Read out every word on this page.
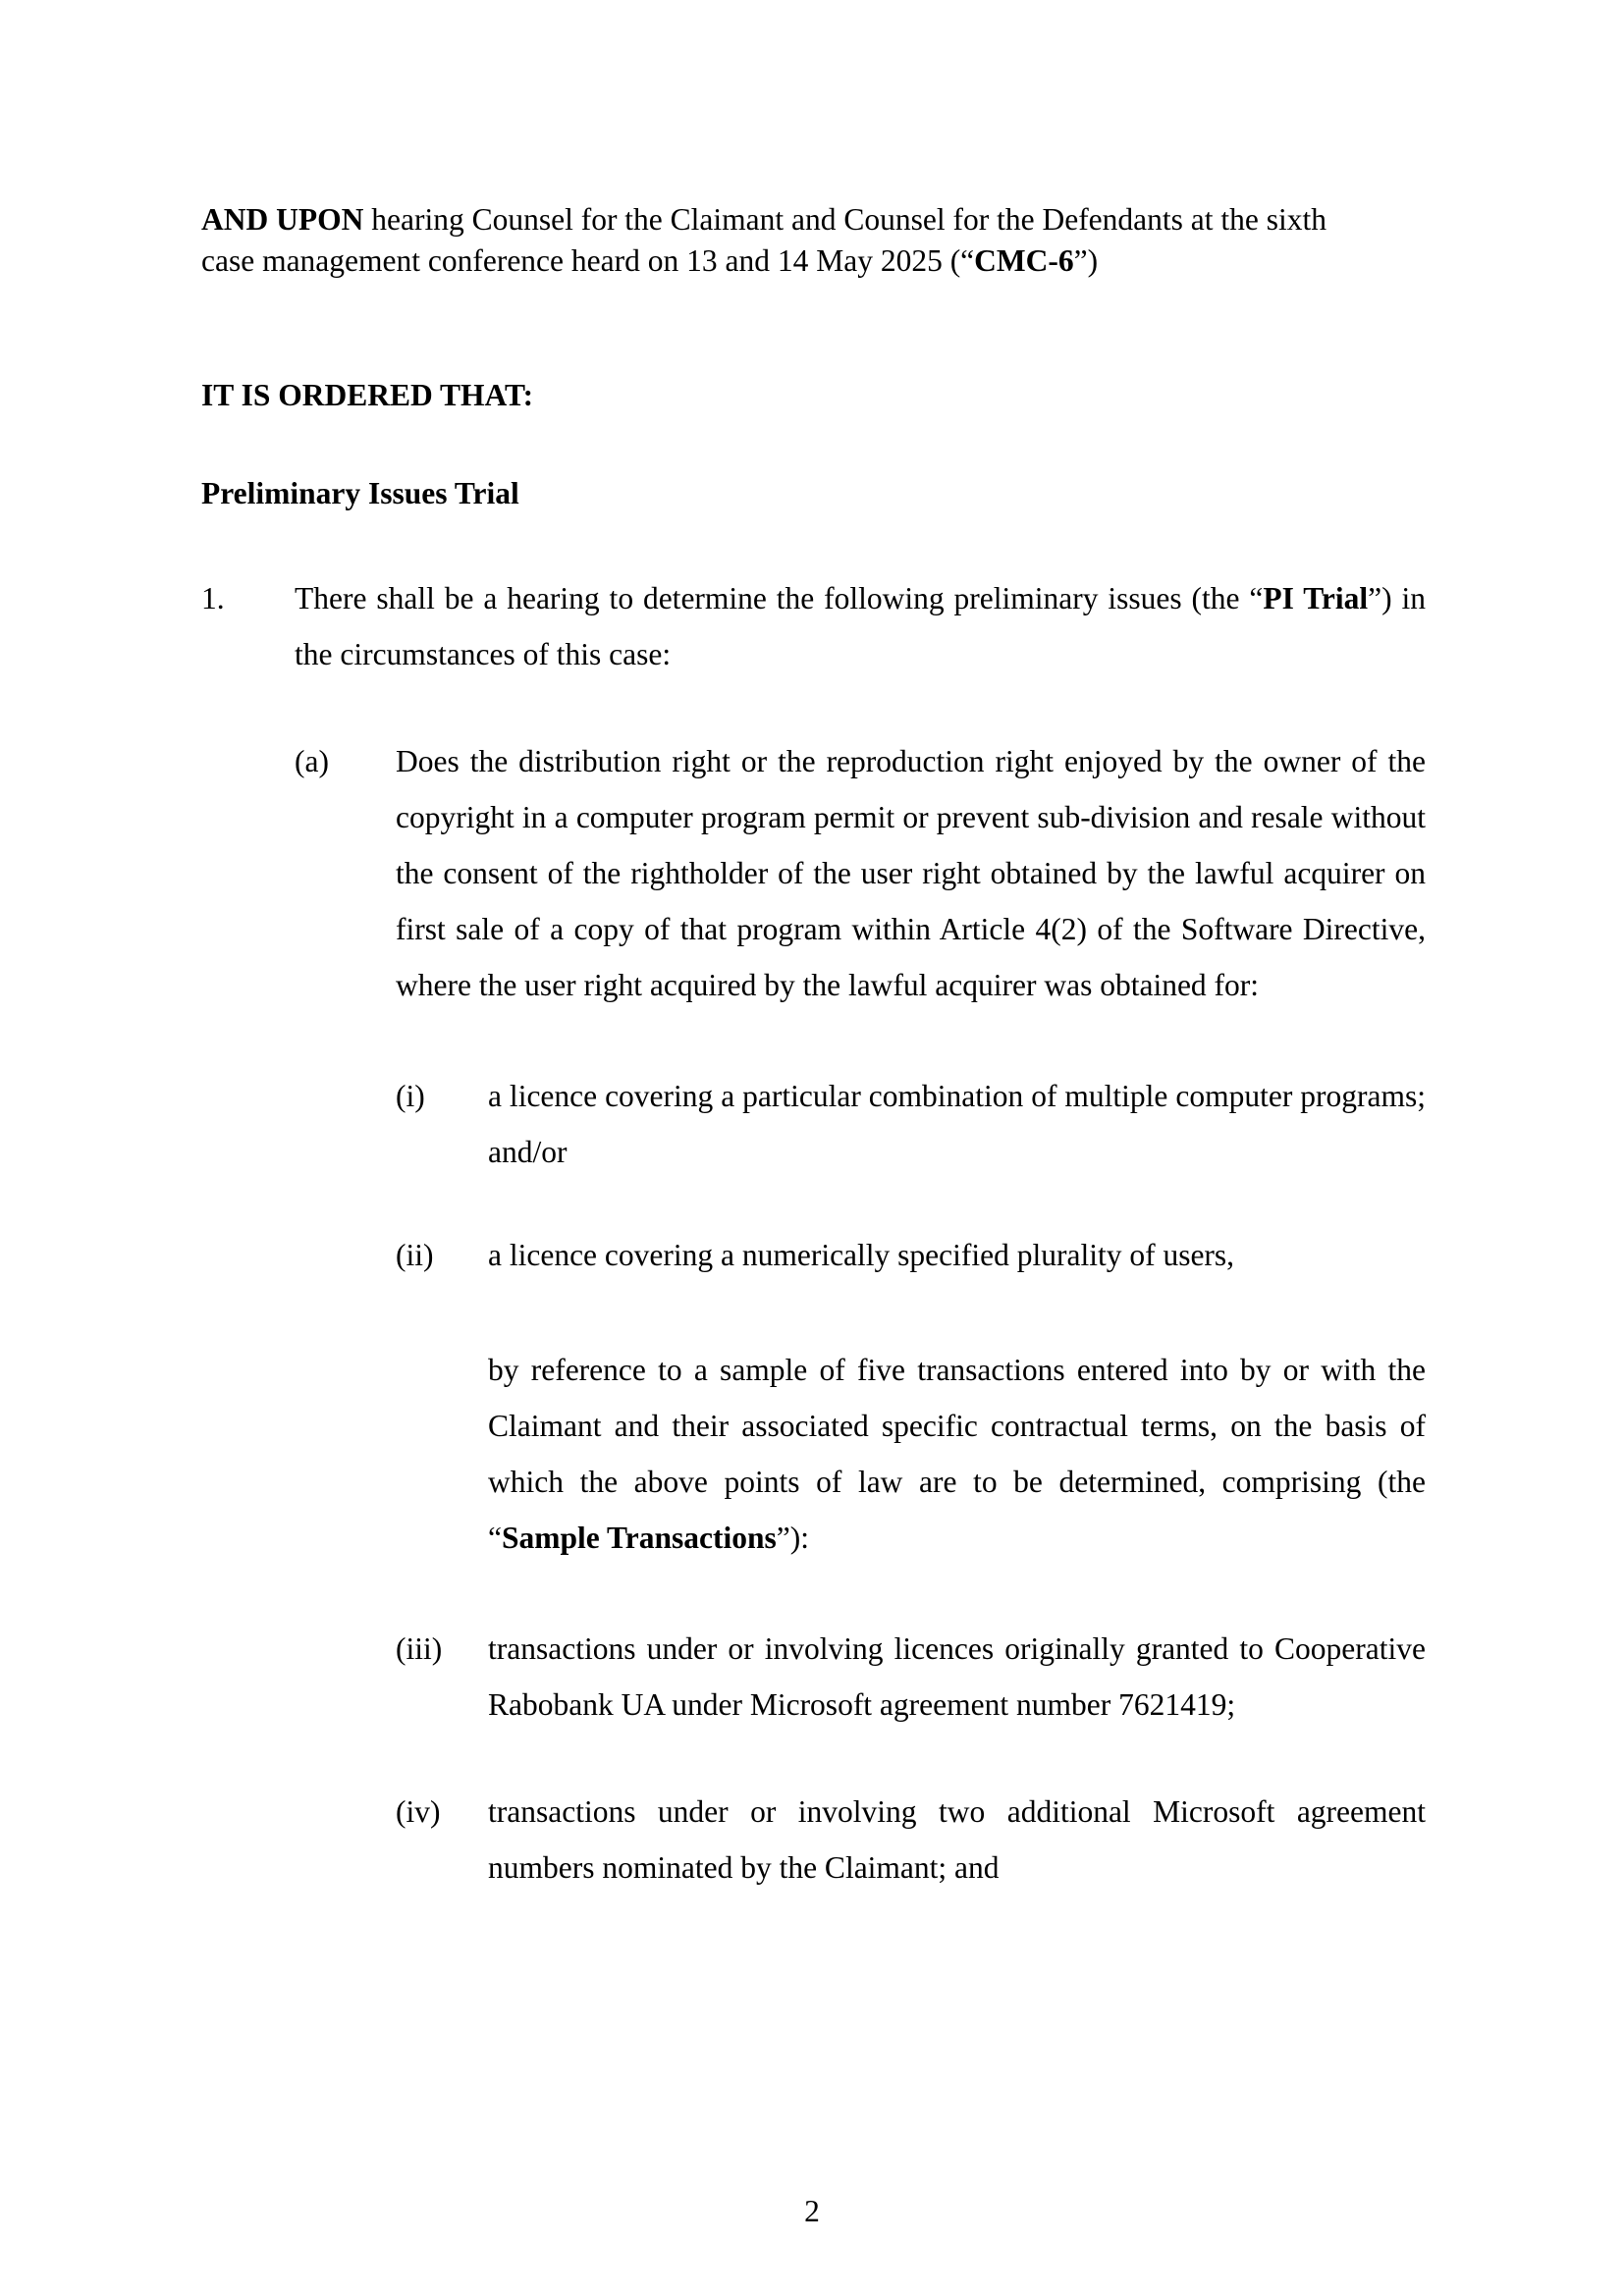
AND UPON hearing Counsel for the Claimant and Counsel for the Defendants at the sixth
case management conference heard on 13 and 14 May 2025 (“CMC-6”)

IT IS ORDERED THAT:

Preliminary Issues Trial

1. There shall be a hearing to determine the following preliminary issues (the “PI Trial”) in the circumstances of this case:

(a) Does the distribution right or the reproduction right enjoyed by the owner of the copyright in a computer program permit or prevent sub-division and resale without the consent of the rightholder of the user right obtained by the lawful acquirer on first sale of a copy of that program within Article 4(2) of the Software Directive, where the user right acquired by the lawful acquirer was obtained for:

(i) a licence covering a particular combination of multiple computer programs; and/or

(ii) a licence covering a numerically specified plurality of users,

by reference to a sample of five transactions entered into by or with the Claimant and their associated specific contractual terms, on the basis of which the above points of law are to be determined, comprising (the “Sample Transactions”):

(iii) transactions under or involving licences originally granted to Cooperative Rabobank UA under Microsoft agreement number 7621419;

(iv) transactions under or involving two additional Microsoft agreement numbers nominated by the Claimant; and

2
